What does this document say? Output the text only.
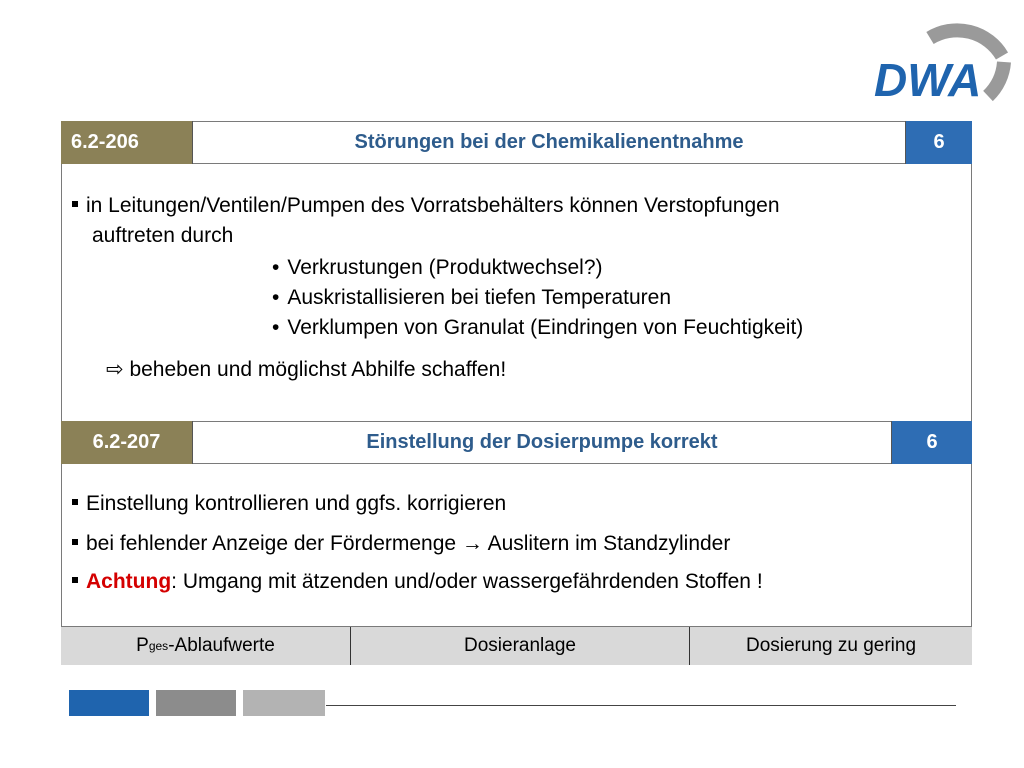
DWA
6.2-206	Störungen bei der Chemikalienentnahme	6
in Leitungen/Ventilen/Pumpen des Vorratsbehälters können Verstopfungen
auftreten durch
• Verkrustungen (Produktwechsel?)
• Auskristallisieren bei tiefen Temperaturen
• Verklumpen von Granulat (Eindringen von Feuchtigkeit)
⇨ beheben und möglichst Abhilfe schaffen!
6.2-207	Einstellung der Dosierpumpe korrekt	6
Einstellung kontrollieren und ggfs. korrigieren
bei fehlender Anzeige der Fördermenge → Auslitern im Standzylinder
Achtung: Umgang mit ätzenden und/oder wassergefährdenden Stoffen !
P ges -Ablaufwerte	Dosieranlage	Dosierung zu gering
